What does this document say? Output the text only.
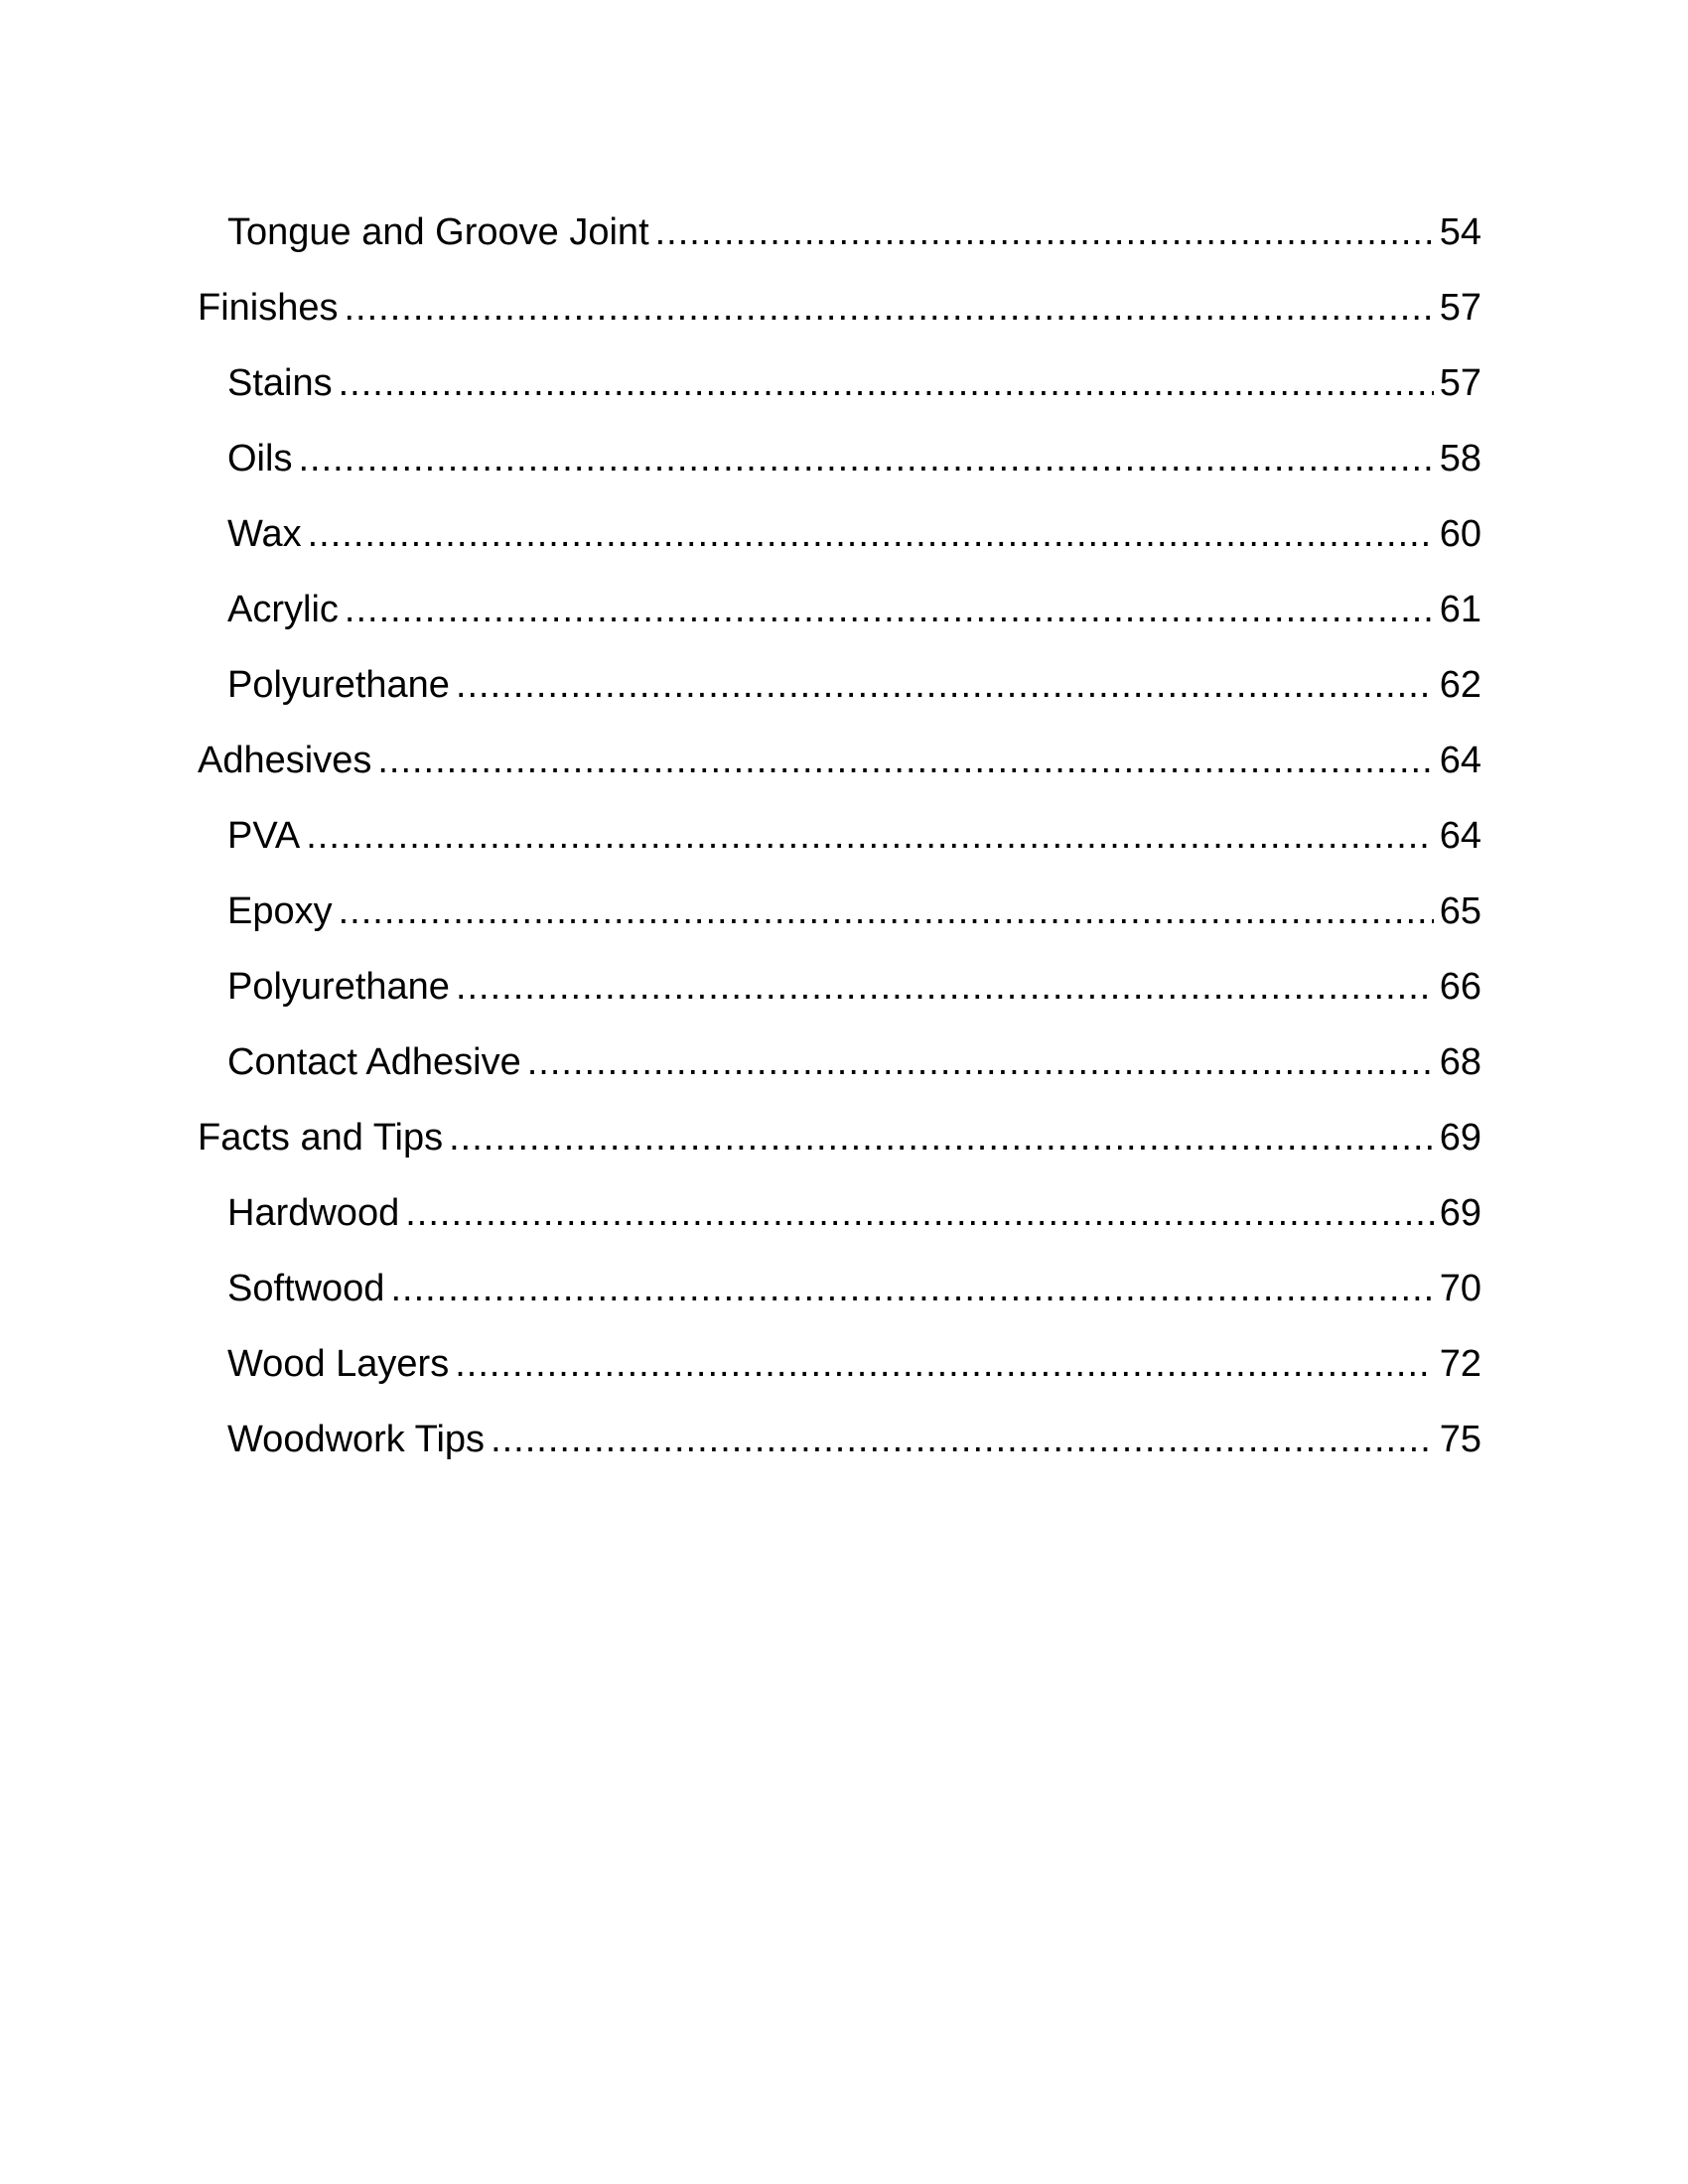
Tongue and Groove Joint .....	54
Finishes .....	57
Stains .....	57
Oils .....	58
Wax .....	60
Acrylic .....	61
Polyurethane .....	62
Adhesives .....	64
PVA .....	64
Epoxy .....	65
Polyurethane .....	66
Contact Adhesive .....	68
Facts and Tips .....	69
Hardwood .....	69
Softwood .....	70
Wood Layers .....	72
Woodwork Tips .....	75
